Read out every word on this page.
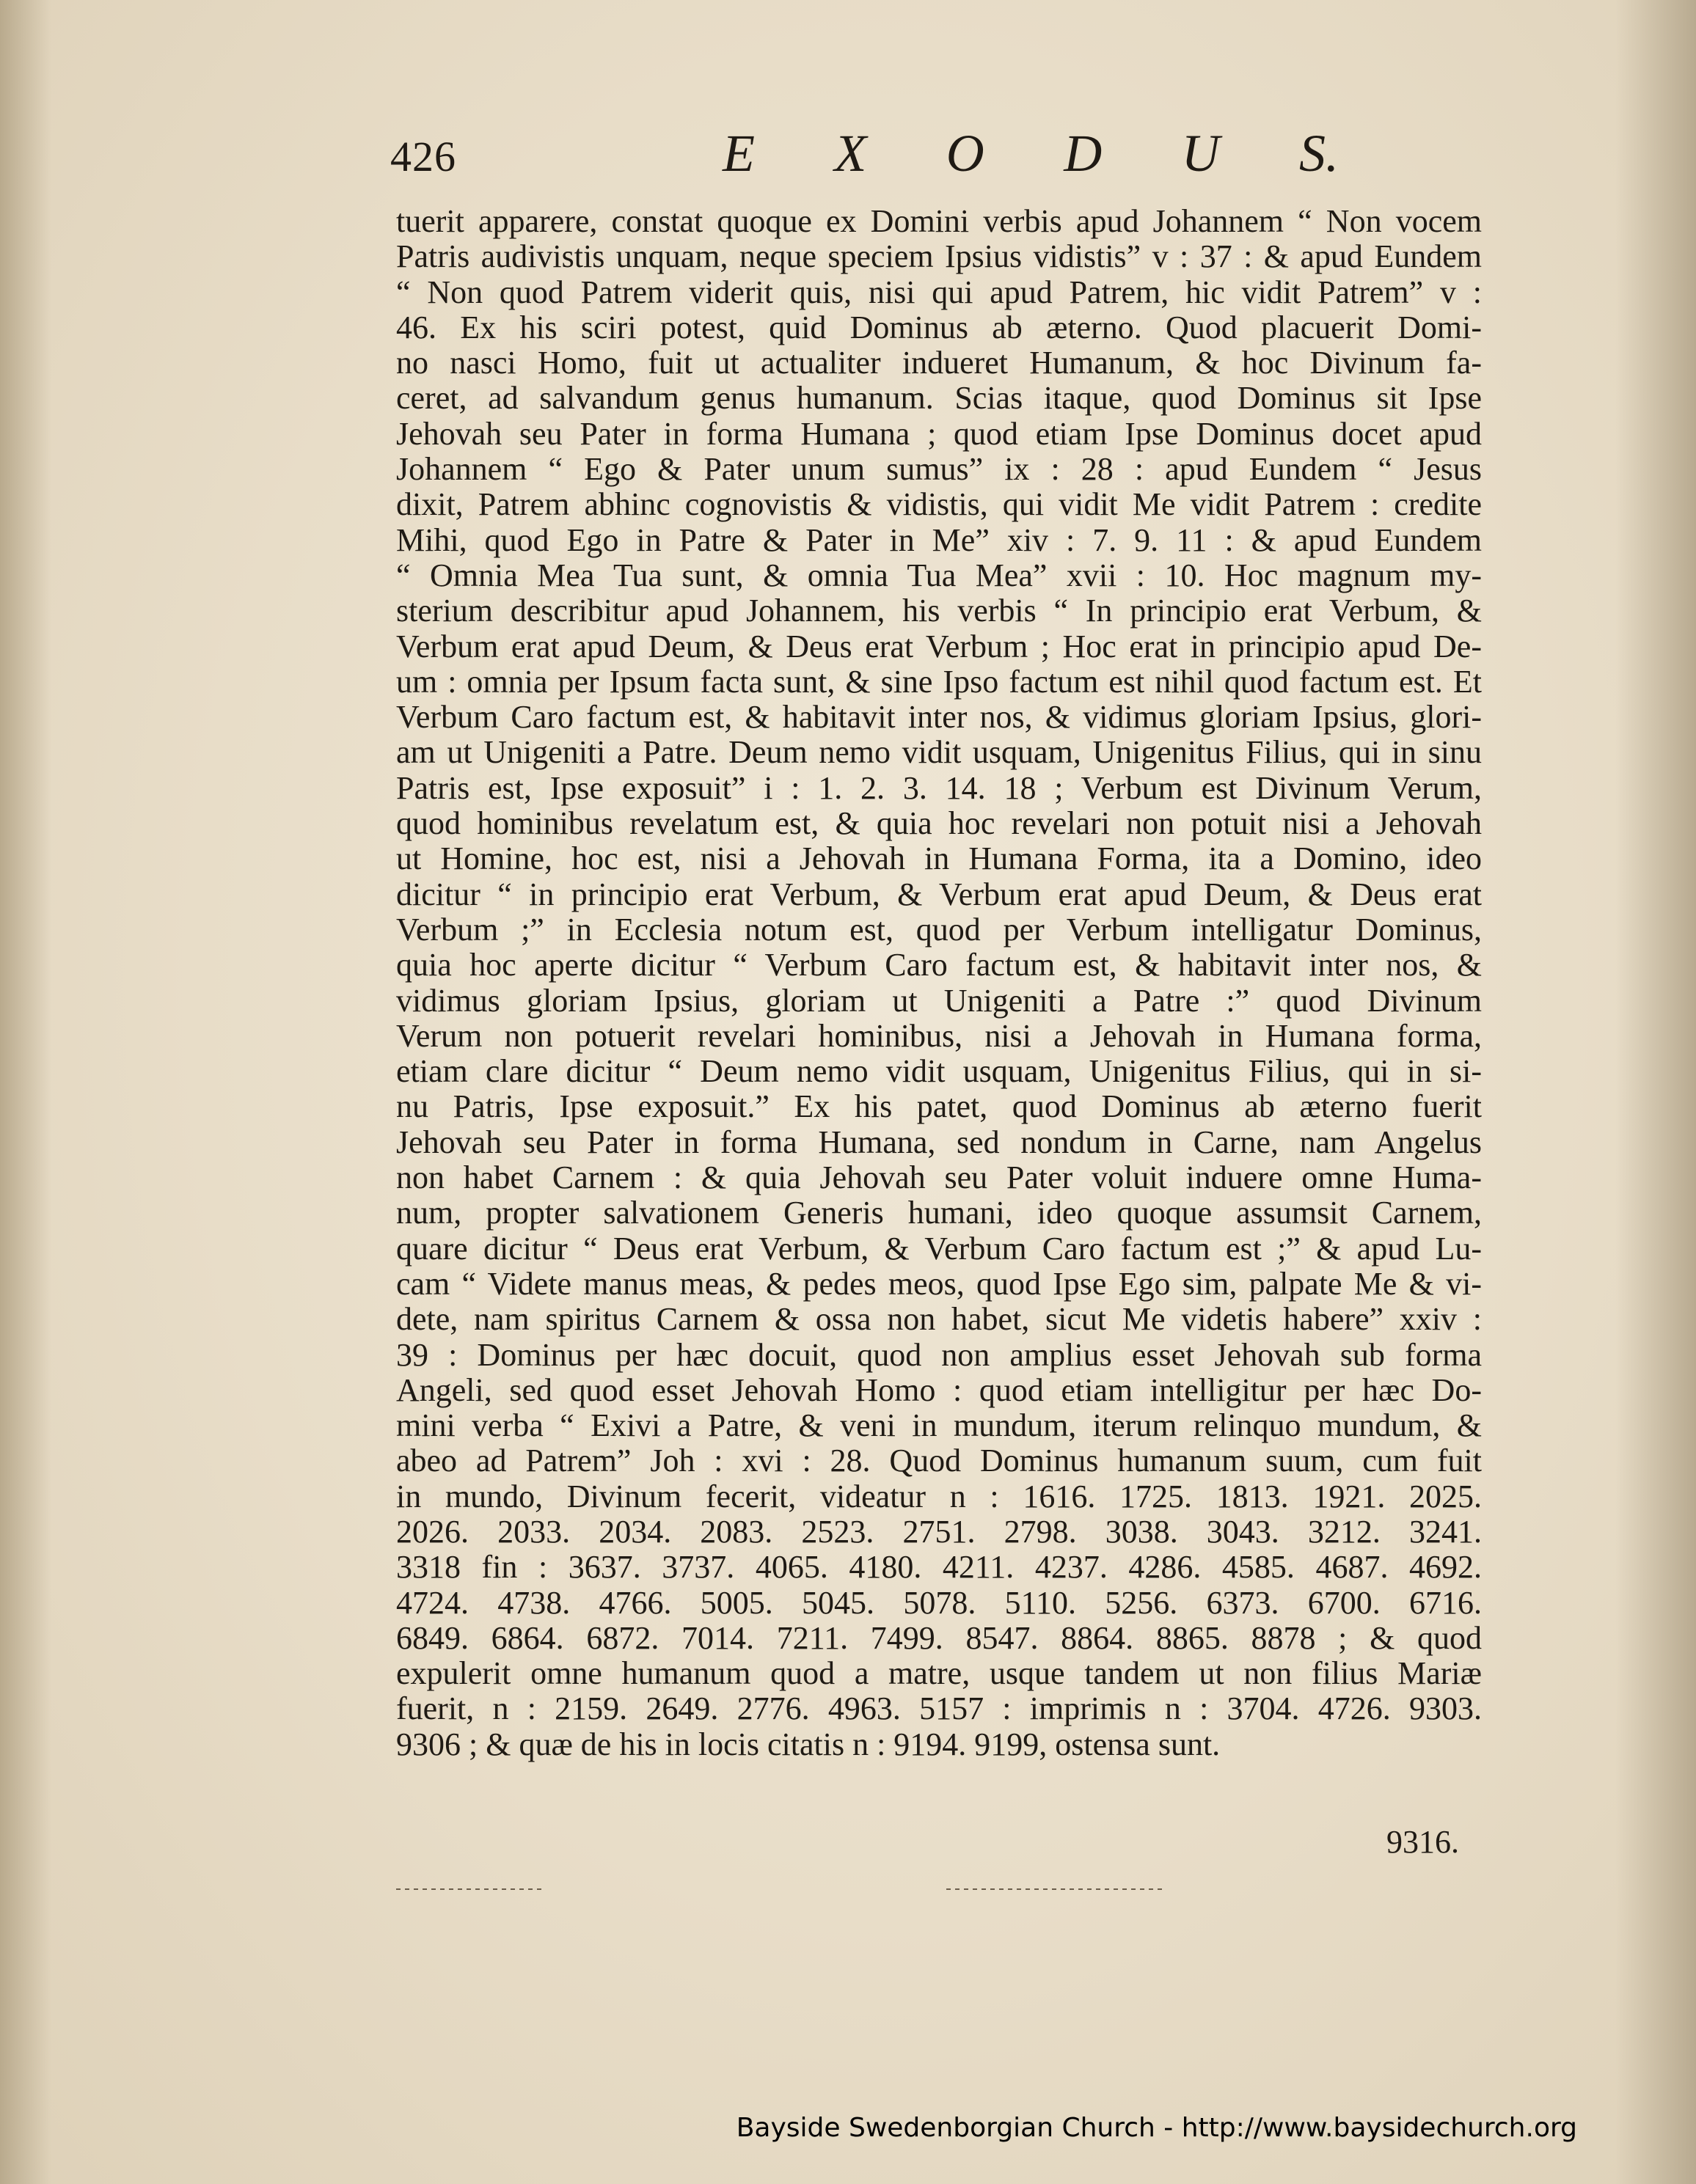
426	E X O D U S.
tuerit apparere, constat quoque ex Domini verbis apud Johannem “ Non vocem
Patris audivistis unquam, neque speciem Ipsius vidistis” v : 37 : & apud Eundem
“ Non quod Patrem viderit quis, nisi qui apud Patrem, hic vidit Patrem” v :
46. Ex his sciri potest, quid Dominus ab æterno. Quod placuerit Domi-
no nasci Homo, fuit ut actualiter indueret Humanum, & hoc Divinum fa-
ceret, ad salvandum genus humanum. Scias itaque, quod Dominus sit Ipse
Jehovah seu Pater in forma Humana ; quod etiam Ipse Dominus docet apud
Johannem “ Ego & Pater unum sumus” ix : 28 : apud Eundem “ Jesus
dixit, Patrem abhinc cognovistis & vidistis, qui vidit Me vidit Patrem : credite
Mihi, quod Ego in Patre & Pater in Me” xiv : 7. 9. 11 : & apud Eundem
“ Omnia Mea Tua sunt, & omnia Tua Mea” xvii : 10. Hoc magnum my-
sterium describitur apud Johannem, his verbis “ In principio erat Verbum, &
Verbum erat apud Deum, & Deus erat Verbum ; Hoc erat in principio apud De-
um : omnia per Ipsum facta sunt, & sine Ipso factum est nihil quod factum est. Et
Verbum Caro factum est, & habitavit inter nos, & vidimus gloriam Ipsius, glori-
am ut Unigeniti a Patre. Deum nemo vidit usquam, Unigenitus Filius, qui in sinu
Patris est, Ipse exposuit” i : 1. 2. 3. 14. 18 ; Verbum est Divinum Verum,
quod hominibus revelatum est, & quia hoc revelari non potuit nisi a Jehovah
ut Homine, hoc est, nisi a Jehovah in Humana Forma, ita a Domino, ideo
dicitur “ in principio erat Verbum, & Verbum erat apud Deum, & Deus erat
Verbum ;” in Ecclesia notum est, quod per Verbum intelligatur Dominus,
quia hoc aperte dicitur “ Verbum Caro factum est, & habitavit inter nos, &
vidimus gloriam Ipsius, gloriam ut Unigeniti a Patre :” quod Divinum
Verum non potuerit revelari hominibus, nisi a Jehovah in Humana forma,
etiam clare dicitur “ Deum nemo vidit usquam, Unigenitus Filius, qui in si-
nu Patris, Ipse exposuit.” Ex his patet, quod Dominus ab æterno fuerit
Jehovah seu Pater in forma Humana, sed nondum in Carne, nam Angelus
non habet Carnem : & quia Jehovah seu Pater voluit induere omne Huma-
num, propter salvationem Generis humani, ideo quoque assumsit Carnem,
quare dicitur “ Deus erat Verbum, & Verbum Caro factum est ;” & apud Lu-
cam “ Videte manus meas, & pedes meos, quod Ipse Ego sim, palpate Me & vi-
dete, nam spiritus Carnem & ossa non habet, sicut Me videtis habere” xxiv :
39 : Dominus per hæc docuit, quod non amplius esset Jehovah sub forma
Angeli, sed quod esset Jehovah Homo : quod etiam intelligitur per hæc Do-
mini verba “ Exivi a Patre, & veni in mundum, iterum relinquo mundum, &
abeo ad Patrem” Joh : xvi : 28. Quod Dominus humanum suum, cum fuit
in mundo, Divinum fecerit, videatur n : 1616. 1725. 1813. 1921. 2025.
2026. 2033. 2034. 2083. 2523. 2751. 2798. 3038. 3043. 3212. 3241.
3318 fin : 3637. 3737. 4065. 4180. 4211. 4237. 4286. 4585. 4687. 4692.
4724. 4738. 4766. 5005. 5045. 5078. 5110. 5256. 6373. 6700. 6716.
6849. 6864. 6872. 7014. 7211. 7499. 8547. 8864. 8865. 8878 ; & quod
expulerit omne humanum quod a matre, usque tandem ut non filius Mariæ
fuerit, n : 2159. 2649. 2776. 4963. 5157 : imprimis n : 3704. 4726. 9303.
9306 ; & quæ de his in locis citatis n : 9194. 9199, ostensa sunt.
9316.
Bayside Swedenborgian Church - http://www.baysidechurch.org
